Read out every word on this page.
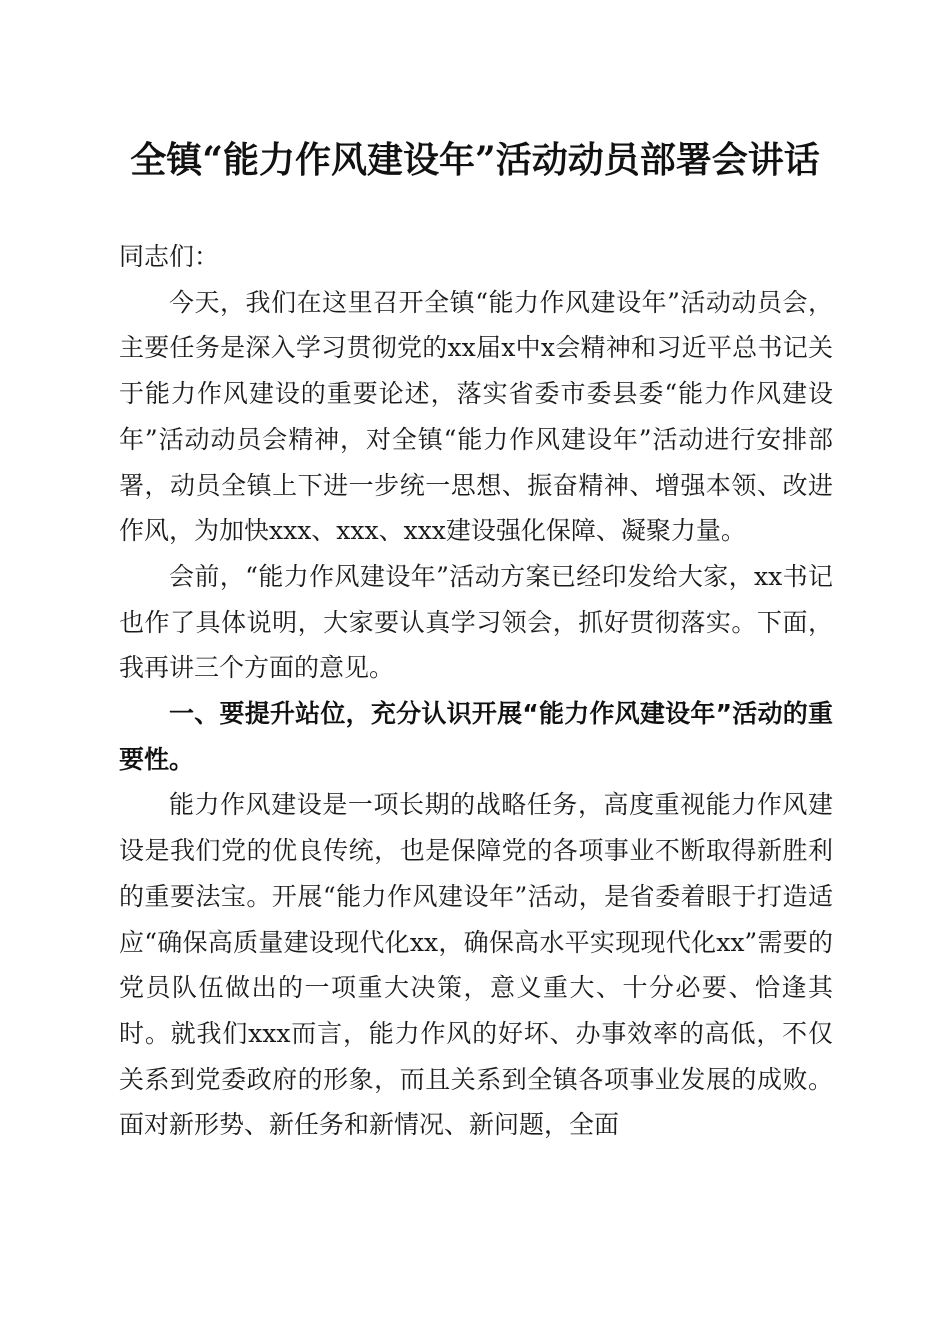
全镇“能力作风建设年”活动动员部署会讲话

同志们：

今天，我们在这里召开全镇“能力作风建设年”活动动员会，主要任务是深入学习贯彻党的xx届x中x会精神和习近平总书记关于能力作风建设的重要论述，落实省委市委县委“能力作风建设年”活动动员会精神，对全镇“能力作风建设年”活动进行安排部署，动员全镇上下进一步统一思想、振奋精神、增强本领、改进作风，为加快xxx、xxx、xxx建设强化保障、凝聚力量。

会前，“能力作风建设年”活动方案已经印发给大家，xx书记也作了具体说明，大家要认真学习领会，抓好贯彻落实。下面，我再讲三个方面的意见。

一、要提升站位，充分认识开展“能力作风建设年”活动的重要性。

能力作风建设是一项长期的战略任务，高度重视能力作风建设是我们党的优良传统，也是保障党的各项事业不断取得新胜利的重要法宝。开展“能力作风建设年”活动，是省委着眼于打造适应“确保高质量建设现代化xx，确保高水平实现现代化xx”需要的党员队伍做出的一项重大决策，意义重大、十分必要、恰逢其时。就我们xxx而言，能力作风的好坏、办事效率的高低，不仅关系到党委政府的形象，而且关系到全镇各项事业发展的成败。面对新形势、新任务和新情况、新问题，全面
